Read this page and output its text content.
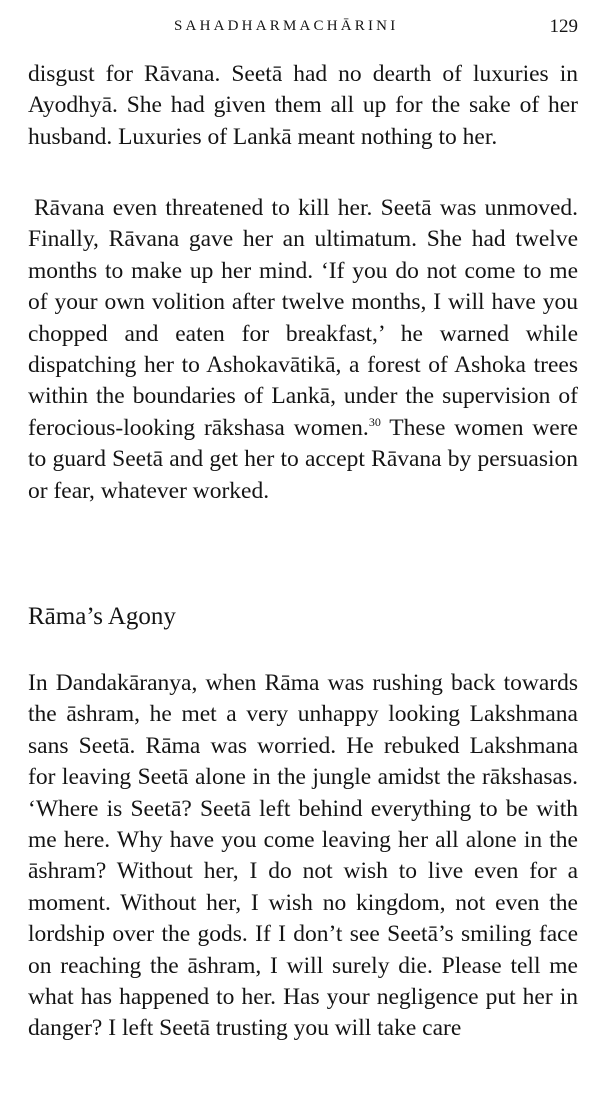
SAHADHARMACHĀRINI	129

disgust for Rāvana. Seetā had no dearth of luxuries in Ayodhyā. She had given them all up for the sake of her husband. Luxuries of Lankā meant nothing to her.

Rāvana even threatened to kill her. Seetā was unmoved. Finally, Rāvana gave her an ultimatum. She had twelve months to make up her mind. ‘If you do not come to me of your own volition after twelve months, I will have you chopped and eaten for breakfast,’ he warned while dispatching her to Ashokavātikā, a forest of Ashoka trees within the boundaries of Lankā, under the supervision of ferocious-looking rākshasa women.$^{30}$ These women were to guard Seetā and get her to accept Rāvana by persuasion or fear, whatever worked.

Rāma’s Agony

In Dandakāranya, when Rāma was rushing back towards the āshram, he met a very unhappy looking Lakshmana sans Seetā. Rāma was worried. He rebuked Lakshmana for leaving Seetā alone in the jungle amidst the rākshasas. ‘Where is Seetā? Seetā left behind everything to be with me here. Why have you come leaving her all alone in the āshram? Without her, I do not wish to live even for a moment. Without her, I wish no kingdom, not even the lordship over the gods. If I don’t see Seetā’s smiling face on reaching the āshram, I will surely die. Please tell me what has happened to her. Has your negligence put her in danger? I left Seetā trusting you will take care
